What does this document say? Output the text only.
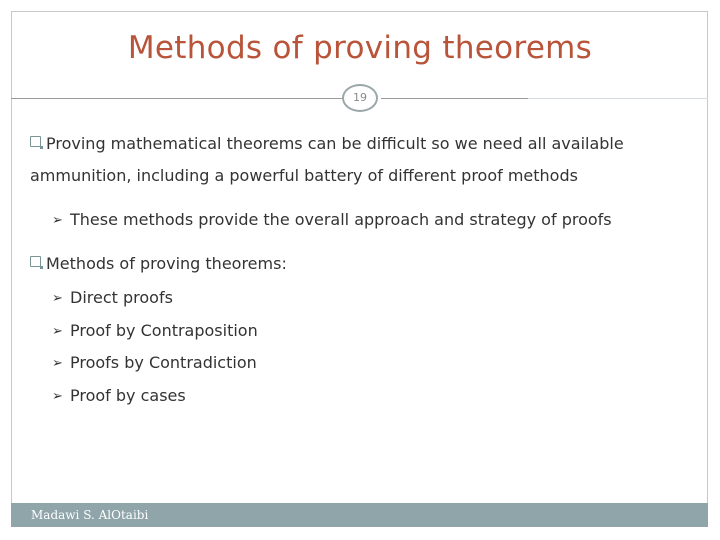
Methods of proving theorems
19
Proving mathematical theorems can be difficult so we need all available
ammunition, including a powerful battery of different proof methods
➢ These methods provide the overall approach and strategy of proofs
Methods of proving theorems:
➢ Direct proofs
➢ Proof by Contraposition
➢ Proofs by Contradiction
➢ Proof by cases
Madawi S. AlOtaibi
